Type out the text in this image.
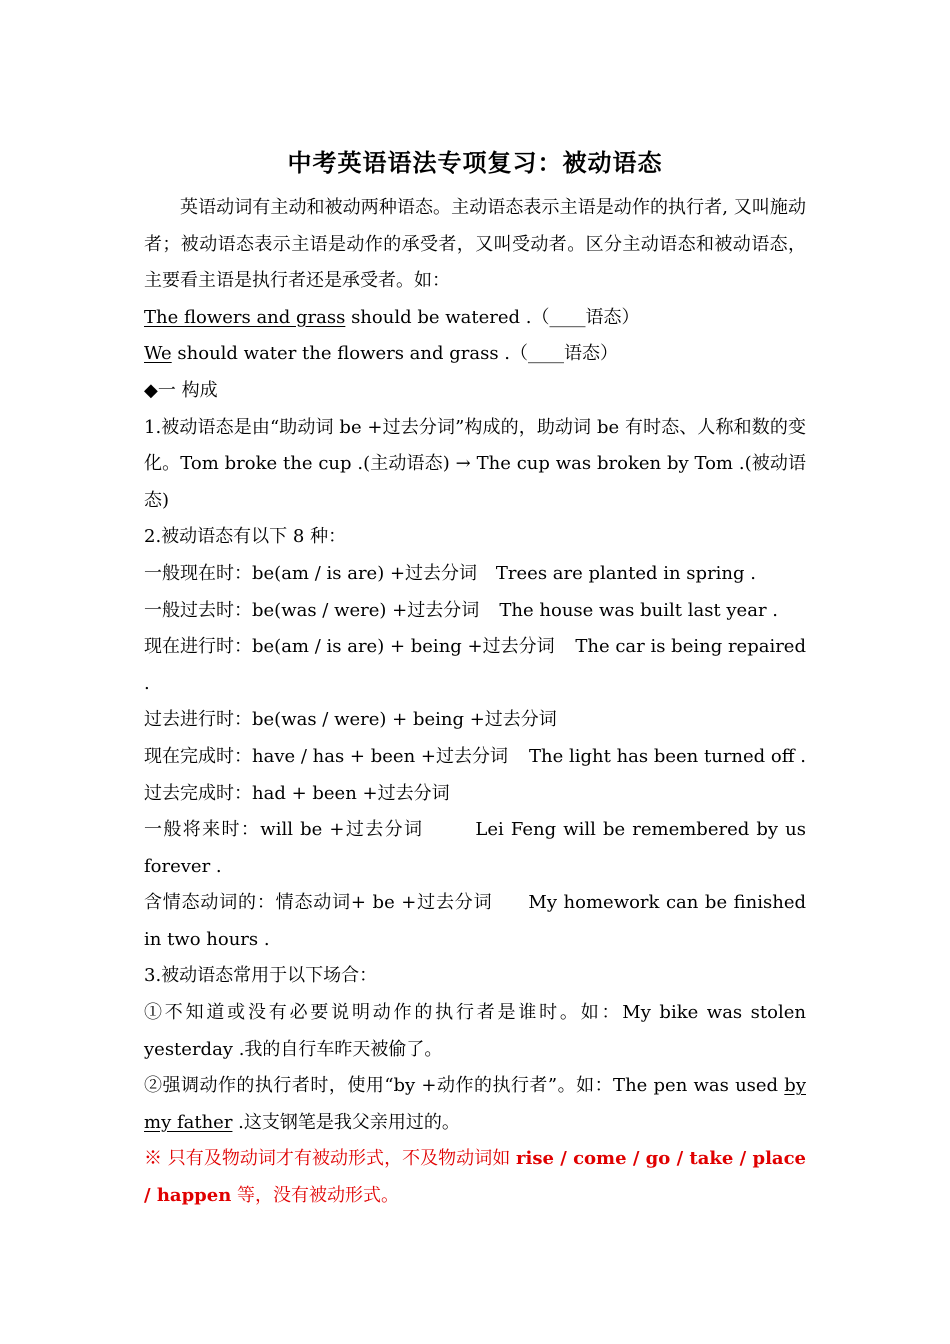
中考英语语法专项复习：被动语态

英语动词有主动和被动两种语态。主动语态表示主语是动作的执行者, 又叫施动者；被动语态表示主语是动作的承受者，又叫受动者。区分主动语态和被动语态，主要看主语是执行者还是承受者。如：

The flowers and grass should be watered .（____语态）

We should water the flowers and grass .（____语态）

◆一 构成

1.被动语态是由“助动词 be +过去分词”构成的，助动词 be 有时态、人称和数的变化。Tom broke the cup .(主动语态) → The cup was broken by Tom .(被动语态)

2.被动语态有以下 8 种：

一般现在时：be(am / is are) +过去分词 Trees are planted in spring .

一般过去时：be(was / were) +过去分词 The house was built last year .

现在进行时：be(am / is are) + being +过去分词 The car is being repaired

.

过去进行时：be(was / were) + being +过去分词

现在完成时：have / has + been +过去分词 The light has been turned off .

过去完成时：had + been +过去分词

一般将来时：will be +过去分词	Lei Feng will be remembered by us forever .

含情态动词的：情态动词+ be +过去分词 My homework can be finished in two hours .

3.被动语态常用于以下场合：

①不知道或没有必要说明动作的执行者是谁时。如：My bike was stolen yesterday .我的自行车昨天被偷了。

②强调动作的执行者时，使用“by +动作的执行者”。如：The pen was used by my father .这支钢笔是我父亲用过的。

※ 只有及物动词才有被动形式，不及物动词如 rise / come / go / take / place / happen 等，没有被动形式。
